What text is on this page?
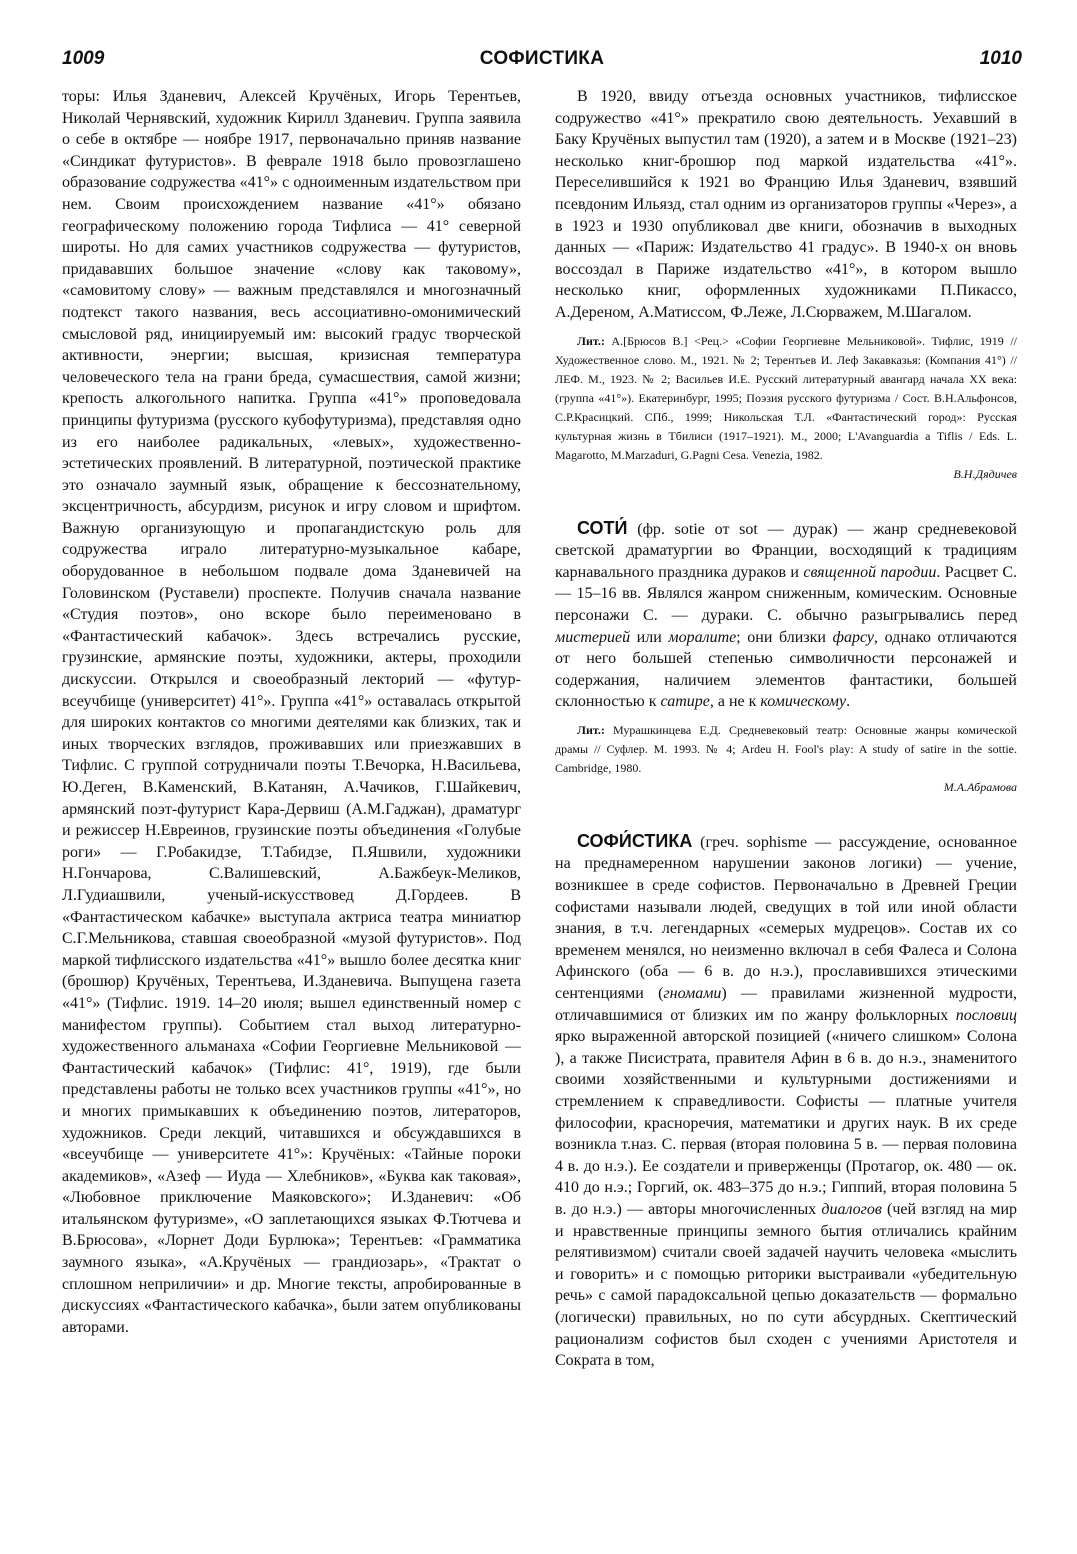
1009	СОФИСТИКА	1010

торы: Илья Зданевич, Алексей Кручёных, Игорь Терентьев, Николай Чернявский, художник Кирилл Зданевич. Группа заявила о себе в октябре — ноябре 1917, первоначально приняв название «Синдикат футуристов». В феврале 1918 было провозглашено образование содружества «41°» с одноименным издательством при нем. Своим происхождением название «41°» обязано географическому положению города Тифлиса — 41° северной широты. Но для самих участников содружества — футуристов, придававших большое значение «слову как таковому», «самовитому слову» — важным представлялся и многозначный подтекст такого названия, весь ассоциативно-омонимический смысловой ряд, инициируемый им: высокий градус творческой активности, энергии; высшая, кризисная температура человеческого тела на грани бреда, сумасшествия, самой жизни; крепость алкогольного напитка. Группа «41°» проповедовала принципы футуризма (русского кубофутуризма), представляя одно из его наиболее радикальных, «левых», художественно-эстетических проявлений. В литературной, поэтической практике это означало заумный язык, обращение к бессознательному, эксцентричность, абсурдизм, рисунок и игру словом и шрифтом. Важную организующую и пропагандистскую роль для содружества играло литературно-музыкальное кабаре, оборудованное в небольшом подвале дома Зданевичей на Головинском (Руставели) проспекте. Получив сначала название «Студия поэтов», оно вскоре было переименовано в «Фантастический кабачок». Здесь встречались русские, грузинские, армянские поэты, художники, актеры, проходили дискуссии. Открылся и своеобразный лекторий — «футур-всеучбище (университет) 41°». Группа «41°» оставалась открытой для широких контактов со многими деятелями как близких, так и иных творческих взглядов, проживавших или приезжавших в Тифлис. С группой сотрудничали поэты Т.Вечорка, Н.Васильева, Ю.Деген, В.Каменский, В.Катанян, А.Чачиков, Г.Шайкевич, армянский поэт-футурист Кара-Дервиш (А.М.Гаджан), драматург и режиссер Н.Евреинов, грузинские поэты объединения «Голубые роги» — Г.Робакидзе, Т.Табидзе, П.Яшвили, художники Н.Гончарова, С.Валишевский, А.Бажбеук-Меликов, Л.Гудиашвили, ученый-искусствовед Д.Гордеев. В «Фантастическом кабачке» выступала актриса театра миниатюр С.Г.Мельникова, ставшая своеобразной «музой футуристов». Под маркой тифлисского издательства «41°» вышло более десятка книг (брошюр) Кручёных, Терентьева, И.Зданевича. Выпущена газета «41°» (Тифлис. 1919. 14–20 июля; вышел единственный номер с манифестом группы). Событием стал выход литературно-художественного альманаха «Софии Георгиевне Мельниковой — Фантастический кабачок» (Тифлис: 41°, 1919), где были представлены работы не только всех участников группы «41°», но и многих примыкавших к объединению поэтов, литераторов, художников. Среди лекций, читавшихся и обсуждавшихся в «всеучбище — университете 41°»: Кручёных: «Тайные пороки академиков», «Азеф — Иуда — Хлебников», «Буква как таковая», «Любовное приключение Маяковского»; И.Зданевич: «Об итальянском футуризме», «О заплетающихся языках Ф.Тютчева и В.Брюсова», «Лорнет Доди Бурлюка»; Терентьев: «Грамматика заумного языка», «А.Кручёных — грандиозарь», «Трактат о сплошном неприличии» и др. Многие тексты, апробированные в дискуссиях «Фантастического кабачка», были затем опубликованы авторами.

В 1920, ввиду отъезда основных участников, тифлисское содружество «41°» прекратило свою деятельность. Уехавший в Баку Кручёных выпустил там (1920), а затем и в Москве (1921–23) несколько книг-брошюр под маркой издательства «41°». Переселившийся к 1921 во Францию Илья Зданевич, взявший псевдоним Ильязд, стал одним из организаторов группы «Через», а в 1923 и 1930 опубликовал две книги, обозначив в выходных данных — «Париж: Издательство 41 градус». В 1940-х он вновь воссоздал в Париже издательство «41°», в котором вышло несколько книг, оформленных художниками П.Пикассо, А.Дереном, А.Матиссом, Ф.Леже, Л.Сюрважем, М.Шагалом.

Лит.: А.[Брюсов В.] <Рец.> «Софии Георгиевне Мельниковой». Тифлис, 1919 // Художественное слово. М., 1921. № 2; Терентьев И. Леф Закавказья: (Компания 41°) // ЛЕФ. М., 1923. № 2; Васильев И.Е. Русский литературный авангард начала XX века: (группа «41°»). Екатеринбург, 1995; Поэзия русского футуризма / Сост. В.Н.Альфонсов, С.Р.Красицкий. СПб., 1999; Никольская Т.Л. «Фантастический город»: Русская культурная жизнь в Тбилиси (1917–1921). М., 2000; L'Avanguardia a Tiflis / Eds. L. Magarotto, M.Marzaduri, G.Pagni Cesa. Venezia, 1982.
В.Н.Дядичев

СОТИ́ (фр. sotie от sot — дурак) — жанр средневековой светской драматургии во Франции, восходящий к традициям карнавального праздника дураков и священной пародии. Расцвет С. — 15–16 вв. Являлся жанром сниженным, комическим. Основные персонажи С. — дураки. С. обычно разыгрывались перед мистерией или моралите; они близки фарсу, однако отличаются от него большей степенью символичности персонажей и содержания, наличием элементов фантастики, большей склонностью к сатире, а не к комическому.

Лит.: Мурашкинцева Е.Д. Средневековый театр: Основные жанры комической драмы // Суфлер. М. 1993. № 4; Ardeu H. Fool's play: A study of satire in the sottie. Cambridge, 1980.
М.А.Абрамова

СОФИ́СТИКА (греч. sophisme — рассуждение, основанное на преднамеренном нарушении законов логики) — учение, возникшее в среде софистов. Первоначально в Древней Греции софистами называли людей, сведущих в той или иной области знания, в т.ч. легендарных «семерых мудрецов». Состав их со временем менялся, но неизменно включал в себя Фалеса и Солона Афинского (оба — 6 в. до н.э.), прославившихся этическими сентенциями (гномами) — правилами жизненной мудрости, отличавшимися от близких им по жанру фольклорных пословиц ярко выраженной авторской позицией («ничего слишком» Солона ), а также Писистрата, правителя Афин в 6 в. до н.э., знаменитого своими хозяйственными и культурными достижениями и стремлением к справедливости. Софисты — платные учителя философии, красноречия, математики и других наук. В их среде возникла т.наз. С. первая (вторая половина 5 в. — первая половина 4 в. до н.э.). Ее создатели и приверженцы (Протагор, ок. 480 — ок. 410 до н.э.; Горгий, ок. 483–375 до н.э.; Гиппий, вторая половина 5 в. до н.э.) — авторы многочисленных диалогов (чей взгляд на мир и нравственные принципы земного бытия отличались крайним релятивизмом) считали своей задачей научить человека «мыслить и говорить» и с помощью риторики выстраивали «убедительную речь» с самой парадоксальной цепью доказательств — формально (логически) правильных, но по сути абсурдных. Скептический рационализм софистов был сходен с учениями Аристотеля и Сократа в том,
